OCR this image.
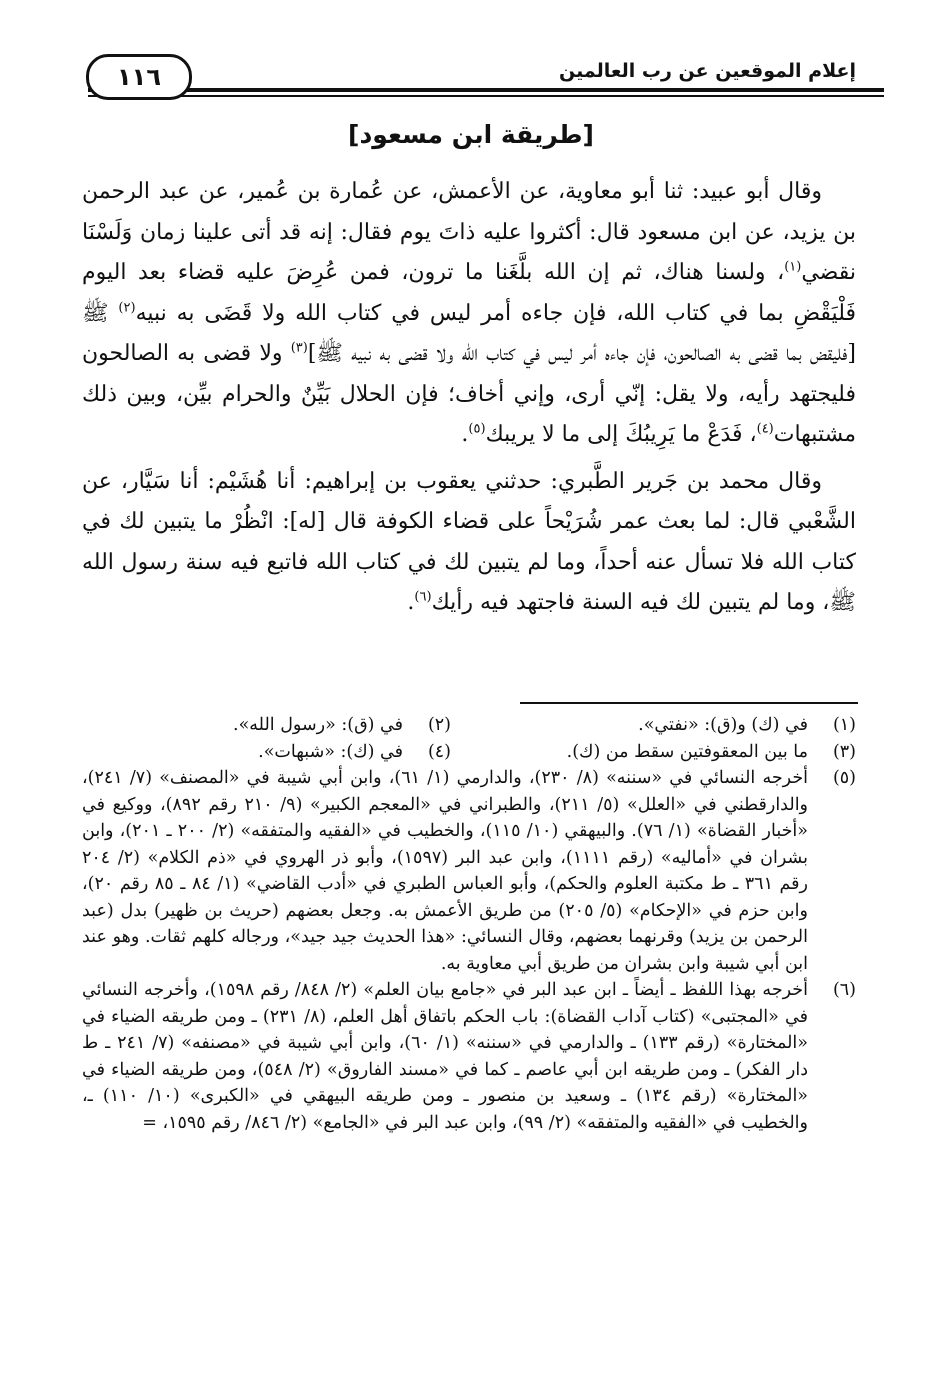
١١٦	إعلام الموقعين عن رب العالمين
[طريقة ابن مسعود]

وقال أبو عبيد: ثنا أبو معاوية، عن الأعمش، عن عُمارة بن عُمير، عن عبد الرحمن بن يزيد، عن ابن مسعود قال: أكثروا عليه ذاتَ يوم فقال: إنه قد أتى علينا زمان وَلَسْنَا نقضي$^{(١)}$، ولسنا هناك، ثم إن الله بلَّغَنا ما ترون، فمن عُرِضَ عليه قضاء بعد اليوم فَلْيَقْضِ بما في كتاب الله، فإن جاءه أمر ليس في كتاب الله ولا قَضَى به نبيه$^{(٢)}$ ﷺ [فليقض بما قضى به الصالحون، فإن جاءه أمر ليس في كتاب الله ولا قضى به نبيه ﷺ]$^{(٣)}$ ولا قضى به الصالحون فليجتهد رأيه، ولا يقل: إنّي أرى، وإني أخاف؛ فإن الحلال بَيِّنٌ والحرام بيِّن، وبين ذلك مشتبهات$^{(٤)}$، فَدَعْ ما يَرِيبُكَ إلى ما لا يريبك$^{(٥)}$.

وقال محمد بن جَرير الطَّبري: حدثني يعقوب بن إبراهيم: أنا هُشَيْم: أنا سَيَّار، عن الشَّعْبي قال: لما بعث عمر شُرَيْحاً على قضاء الكوفة قال [له]: انْظُرْ ما يتبين لك في كتاب الله فلا تسأل عنه أحداً، وما لم يتبين لك في كتاب الله فاتبع فيه سنة رسول الله ﷺ، وما لم يتبين لك فيه السنة فاجتهد فيه رأيك$^{(٦)}$.

(١)
في (ك) و(ق): «نفتي».
(٢)
في (ق): «رسول الله».
(٣)
ما بين المعقوفتين سقط من (ك).
(٤)
في (ك): «شبهات».
(٥)
أخرجه النسائي في «سننه» (٨/ ٢٣٠)، والدارمي (١/ ٦١)، وابن أبي شيبة في «المصنف» (٧/ ٢٤١)، والدارقطني في «العلل» (٥/ ٢١١)، والطبراني في «المعجم الكبير» (٩/ ٢١٠ رقم ٨٩٢)، ووكيع في «أخبار القضاة» (١/ ٧٦). والبيهقي (١٠/ ١١٥)، والخطيب في «الفقيه والمتفقه» (٢/ ٢٠٠ ـ ٢٠١)، وابن بشران في «أماليه» (رقم ١١١١)، وابن عبد البر (١٥٩٧)، وأبو ذر الهروي في «ذم الكلام» (٢/ ٢٠٤ رقم ٣٦١ ـ ط مكتبة العلوم والحكم)، وأبو العباس الطبري في «أدب القاضي» (١/ ٨٤ ـ ٨٥ رقم ٢٠)، وابن حزم في «الإحكام» (٥/ ٢٠٥) من طريق الأعمش به. وجعل بعضهم (حريث بن ظهير) بدل (عبد الرحمن بن يزيد) وقرنهما بعضهم، وقال النسائي: «هذا الحديث جيد جيد»، ورجاله كلهم ثقات. وهو عند ابن أبي شيبة وابن بشران من طريق أبي معاوية به.
(٦)
أخرجه بهذا اللفظ ـ أيضاً ـ ابن عبد البر في «جامع بيان العلم» (٢/ ٨٤٨/ رقم ١٥٩٨)، وأخرجه النسائي في «المجتبى» (كتاب آداب القضاة): باب الحكم باتفاق أهل العلم، (٨/ ٢٣١) ـ ومن طريقه الضياء في «المختارة» (رقم ١٣٣) ـ والدارمي في «سننه» (١/ ٦٠)، وابن أبي شيبة في «مصنفه» (٧/ ٢٤١ ـ ط دار الفكر) ـ ومن طريقه ابن أبي عاصم ـ كما في «مسند الفاروق» (٢/ ٥٤٨)، ومن طريقه الضياء في «المختارة» (رقم ١٣٤) ـ وسعيد بن منصور ـ ومن طريقه البيهقي في «الكبرى» (١٠/ ١١٠) ـ، والخطيب في «الفقيه والمتفقه» (٢/ ٩٩)، وابن عبد البر في «الجامع» (٢/ ٨٤٦/ رقم ١٥٩٥، =
